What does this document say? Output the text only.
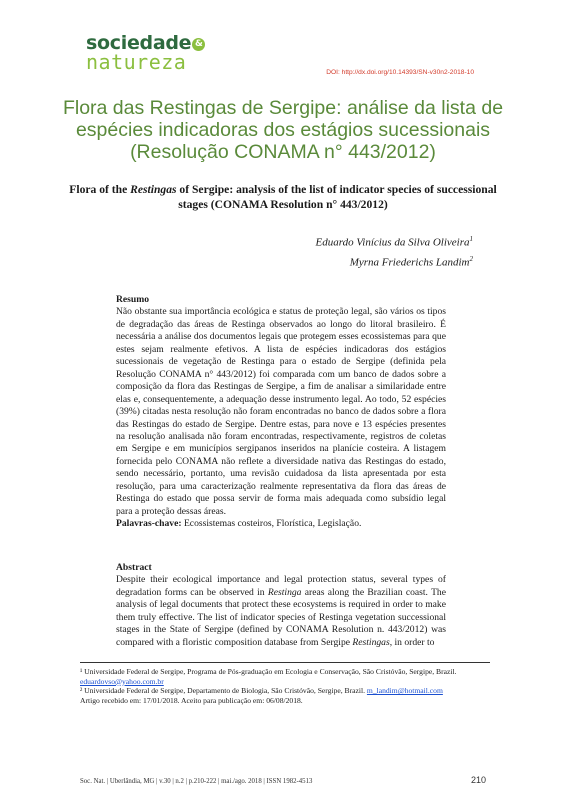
sociedade &
natureza	DOI: http://dx.doi.org/10.14393/SN-v30n2-2018-10
Flora das Restingas de Sergipe: análise da lista de espécies indicadoras dos estágios sucessionais (Resolução CONAMA n° 443/2012)
Flora of the Restingas of Sergipe: analysis of the list of indicator species of successional stages (CONAMA Resolution n° 443/2012)
Eduardo Vinícius da Silva Oliveira$^1$
Myrna Friederichs Landim$^2$
Resumo

Não obstante sua importância ecológica e status de proteção legal, são vários os tipos de degradação das áreas de Restinga observados ao longo do litoral brasileiro. É necessária a análise dos documentos legais que protegem esses ecossistemas para que estes sejam realmente efetivos. A lista de espécies indicadoras dos estágios sucessionais de vegetação de Restinga para o estado de Sergipe (definida pela Resolução CONAMA n° 443/2012) foi comparada com um banco de dados sobre a composição da flora das Restingas de Sergipe, a fim de analisar a similaridade entre elas e, consequentemente, a adequação desse instrumento legal. Ao todo, 52 espécies (39%) citadas nesta resolução não foram encontradas no banco de dados sobre a flora das Restingas do estado de Sergipe. Dentre estas, para nove e 13 espécies presentes na resolução analisada não foram encontradas, respectivamente, registros de coletas em Sergipe e em municípios sergipanos inseridos na planície costeira. A listagem fornecida pelo CONAMA não reflete a diversidade nativa das Restingas do estado, sendo necessário, portanto, uma revisão cuidadosa da lista apresentada por esta resolução, para uma caracterização realmente representativa da flora das áreas de Restinga do estado que possa servir de forma mais adequada como subsídio legal para a proteção dessas áreas.

Palavras-chave: Ecossistemas costeiros, Florística, Legislação.

Abstract

Despite their ecological importance and legal protection status, several types of degradation forms can be observed in Restinga areas along the Brazilian coast. The analysis of legal documents that protect these ecosystems is required in order to make them truly effective. The list of indicator species of Restinga vegetation successional stages in the State of Sergipe (defined by CONAMA Resolution n. 443/2012) was compared with a floristic composition database from Sergipe Restingas, in order to

¹ Universidade Federal de Sergipe, Programa de Pós-graduação em Ecologia e Conservação, São Cristóvão, Sergipe, Brazil. eduardovso@yahoo.com.br
² Universidade Federal de Sergipe, Departamento de Biologia, São Cristóvão, Sergipe, Brazil. m_landim@hotmail.com
Artigo recebido em: 17/01/2018. Aceito para publicação em: 06/08/2018.
Soc. Nat. | Uberlândia, MG | v.30 | n.2 | p.210-222 | mai./ago. 2018 | ISSN 1982-4513	210
